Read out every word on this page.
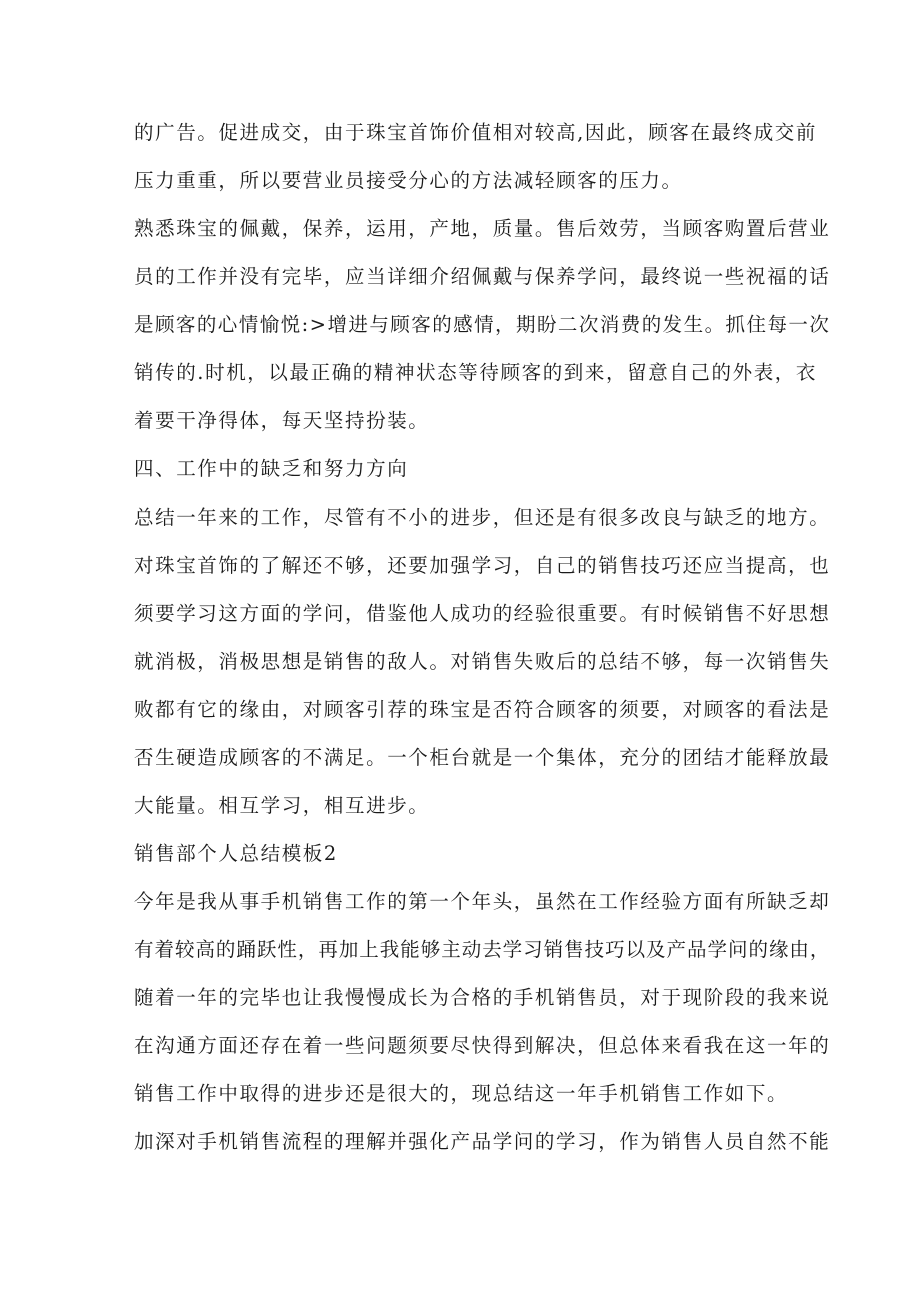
的广告。促进成交，由于珠宝首饰价值相对较高,因此，顾客在最终成交前
压力重重，所以要营业员接受分心的方法减轻顾客的压力。
熟悉珠宝的佩戴，保养，运用，产地，质量。售后效劳，当顾客购置后营业
员的工作并没有完毕，应当详细介绍佩戴与保养学问，最终说一些祝福的话
是顾客的心情愉悦:>增进与顾客的感情，期盼二次消费的发生。抓住每一次
销传的.时机，以最正确的精神状态等待顾客的到来，留意自己的外表，衣
着要干净得体，每天坚持扮装。
四、工作中的缺乏和努力方向
总结一年来的工作，尽管有不小的进步，但还是有很多改良与缺乏的地方。
对珠宝首饰的了解还不够，还要加强学习，自己的销售技巧还应当提高，也
须要学习这方面的学问，借鉴他人成功的经验很重要。有时候销售不好思想
就消极，消极思想是销售的敌人。对销售失败后的总结不够，每一次销售失
败都有它的缘由，对顾客引荐的珠宝是否符合顾客的须要，对顾客的看法是
否生硬造成顾客的不满足。一个柜台就是一个集体，充分的团结才能释放最
大能量。相互学习，相互进步。
销售部个人总结模板2
今年是我从事手机销售工作的第一个年头，虽然在工作经验方面有所缺乏却
有着较高的踊跃性，再加上我能够主动去学习销售技巧以及产品学问的缘由，
随着一年的完毕也让我慢慢成长为合格的手机销售员，对于现阶段的我来说
在沟通方面还存在着一些问题须要尽快得到解决，但总体来看我在这一年的
销售工作中取得的进步还是很大的，现总结这一年手机销售工作如下。
加深对手机销售流程的理解并强化产品学问的学习，作为销售人员自然不能
